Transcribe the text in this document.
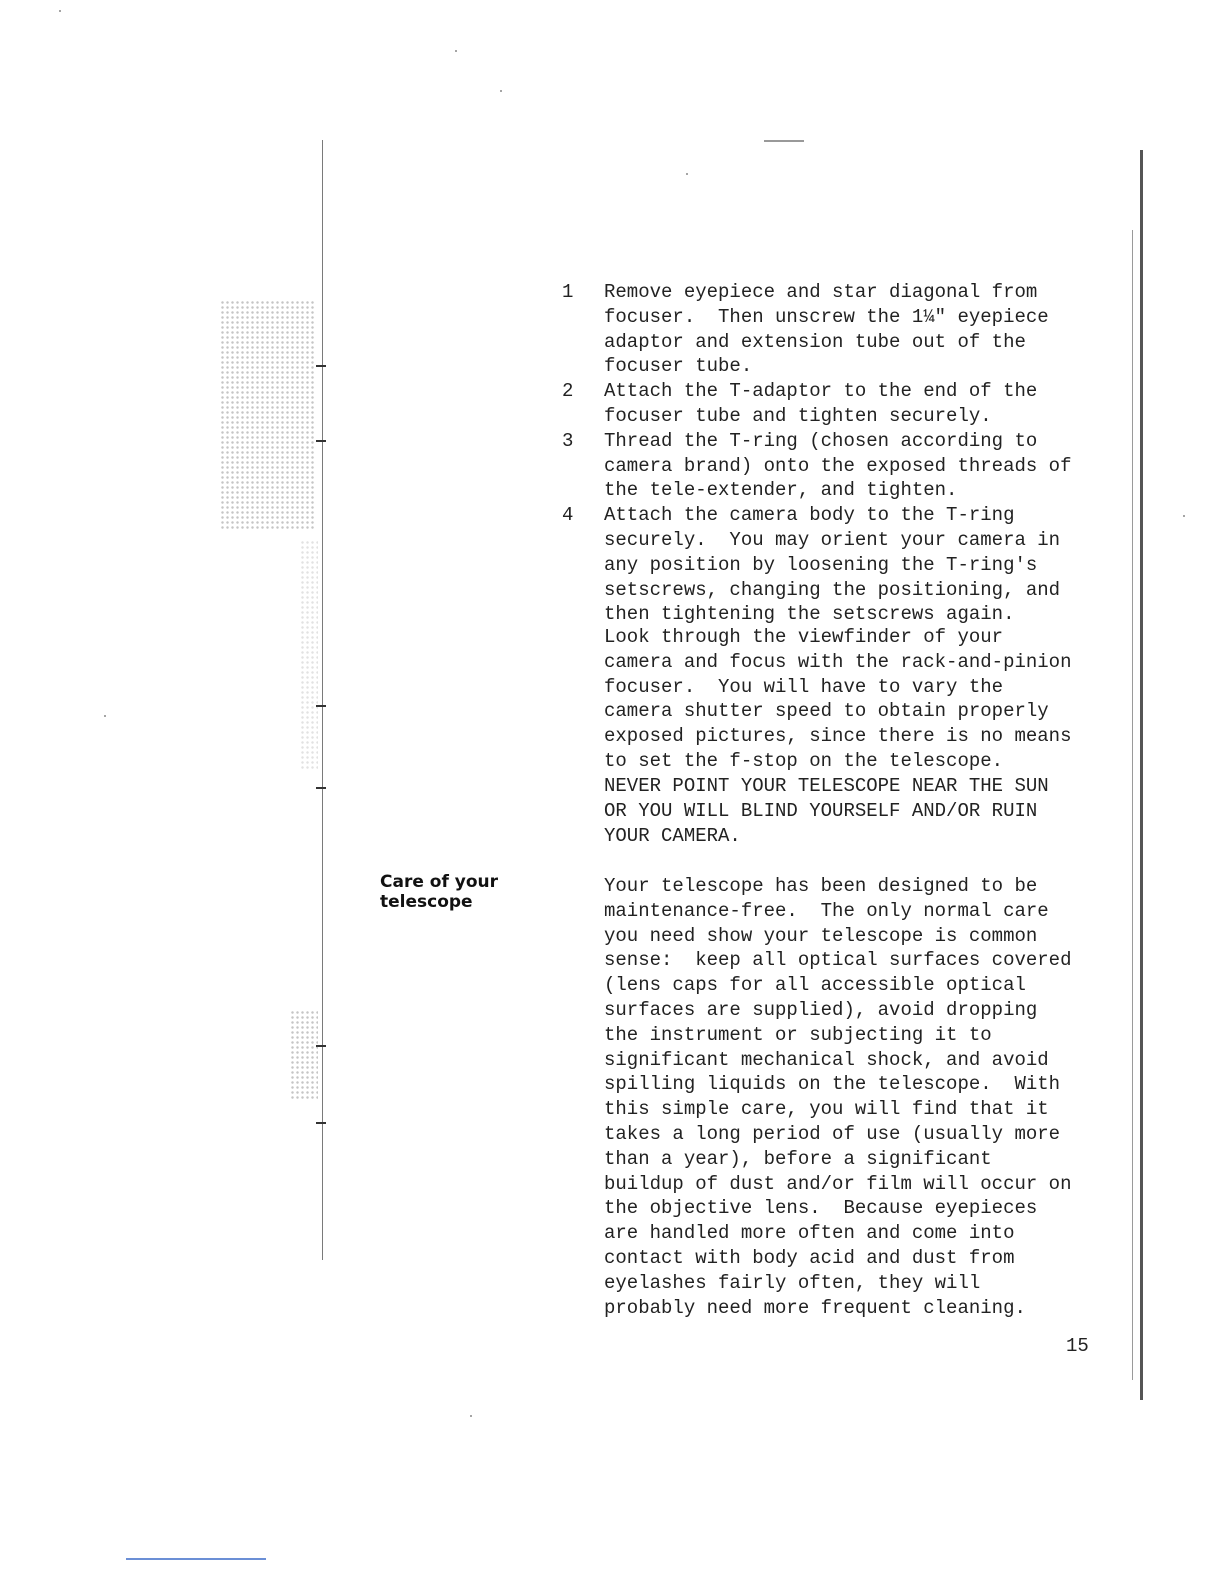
1	Remove eyepiece and star diagonal from
focuser.  Then unscrew the 1¼" eyepiece
adaptor and extension tube out of the
focuser tube.
2	Attach the T-adaptor to the end of the
focuser tube and tighten securely.
3	Thread the T-ring (chosen according to
camera brand) onto the exposed threads of
the tele-extender, and tighten.
4	Attach the camera body to the T-ring
securely.  You may orient your camera in
any position by loosening the T-ring's
setscrews, changing the positioning, and
then tightening the setscrews again.

Look through the viewfinder of your
camera and focus with the rack-and-pinion
focuser.  You will have to vary the
camera shutter speed to obtain properly
exposed pictures, since there is no means
to set the f-stop on the telescope.

NEVER POINT YOUR TELESCOPE NEAR THE SUN
OR YOU WILL BLIND YOURSELF AND/OR RUIN
YOUR CAMERA.

Care of your
telescope

Your telescope has been designed to be
maintenance-free.  The only normal care
you need show your telescope is common
sense:  keep all optical surfaces covered
(lens caps for all accessible optical
surfaces are supplied), avoid dropping
the instrument or subjecting it to
significant mechanical shock, and avoid
spilling liquids on the telescope.  With
this simple care, you will find that it
takes a long period of use (usually more
than a year), before a significant
buildup of dust and/or film will occur on
the objective lens.  Because eyepieces
are handled more often and come into
contact with body acid and dust from
eyelashes fairly often, they will
probably need more frequent cleaning.

15
